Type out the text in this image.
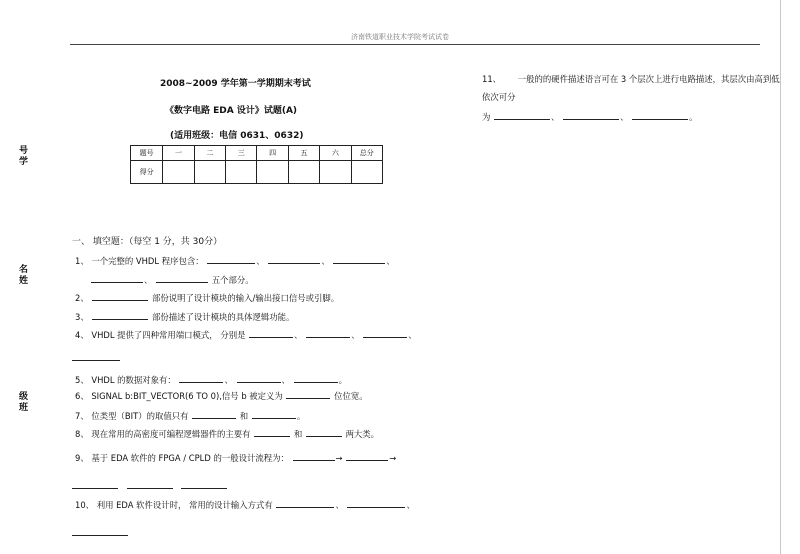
济南铁道职业技术学院考试试卷
号学
名姓
级班
2008~2009 学年第一学期期末考试
《数字电路 EDA 设计》试题(A)
(适用班级：电信 0631、0632)
题号	一	二	三	四	五	六	总分
得分							
一、 填空题：（每空 1 分，共 30分）
1、 一个完整的 VHDL 程序包含：	、	、	、
、	五个部分。
2、	部份说明了设计模块的输入/输出接口信号或引脚。
3、	部份描述了设计模块的具体逻辑功能。
4、 VHDL 提供了四种常用端口模式， 分别是	、	、	、
5、 VHDL 的数据对象有：	、	、	。
6、 SIGNAL b:BIT_VECTOR(6 TO 0),信号 b 被定义为	位位宽。
7、 位类型（BIT）的取值只有	和	。
8、 现在常用的高密度可编程逻辑器件的主要有	和	两大类。
9、 基于 EDA 软件的 FPGA / CPLD 的一般设计流程为：	→	→

10、 利用 EDA 软件设计时， 常用的设计输入方式有	、	、
11、 一般的的硬件描述语言可在 3 个层次上进行电路描述，其层次由高到低
依次可分
为	、	、	。
